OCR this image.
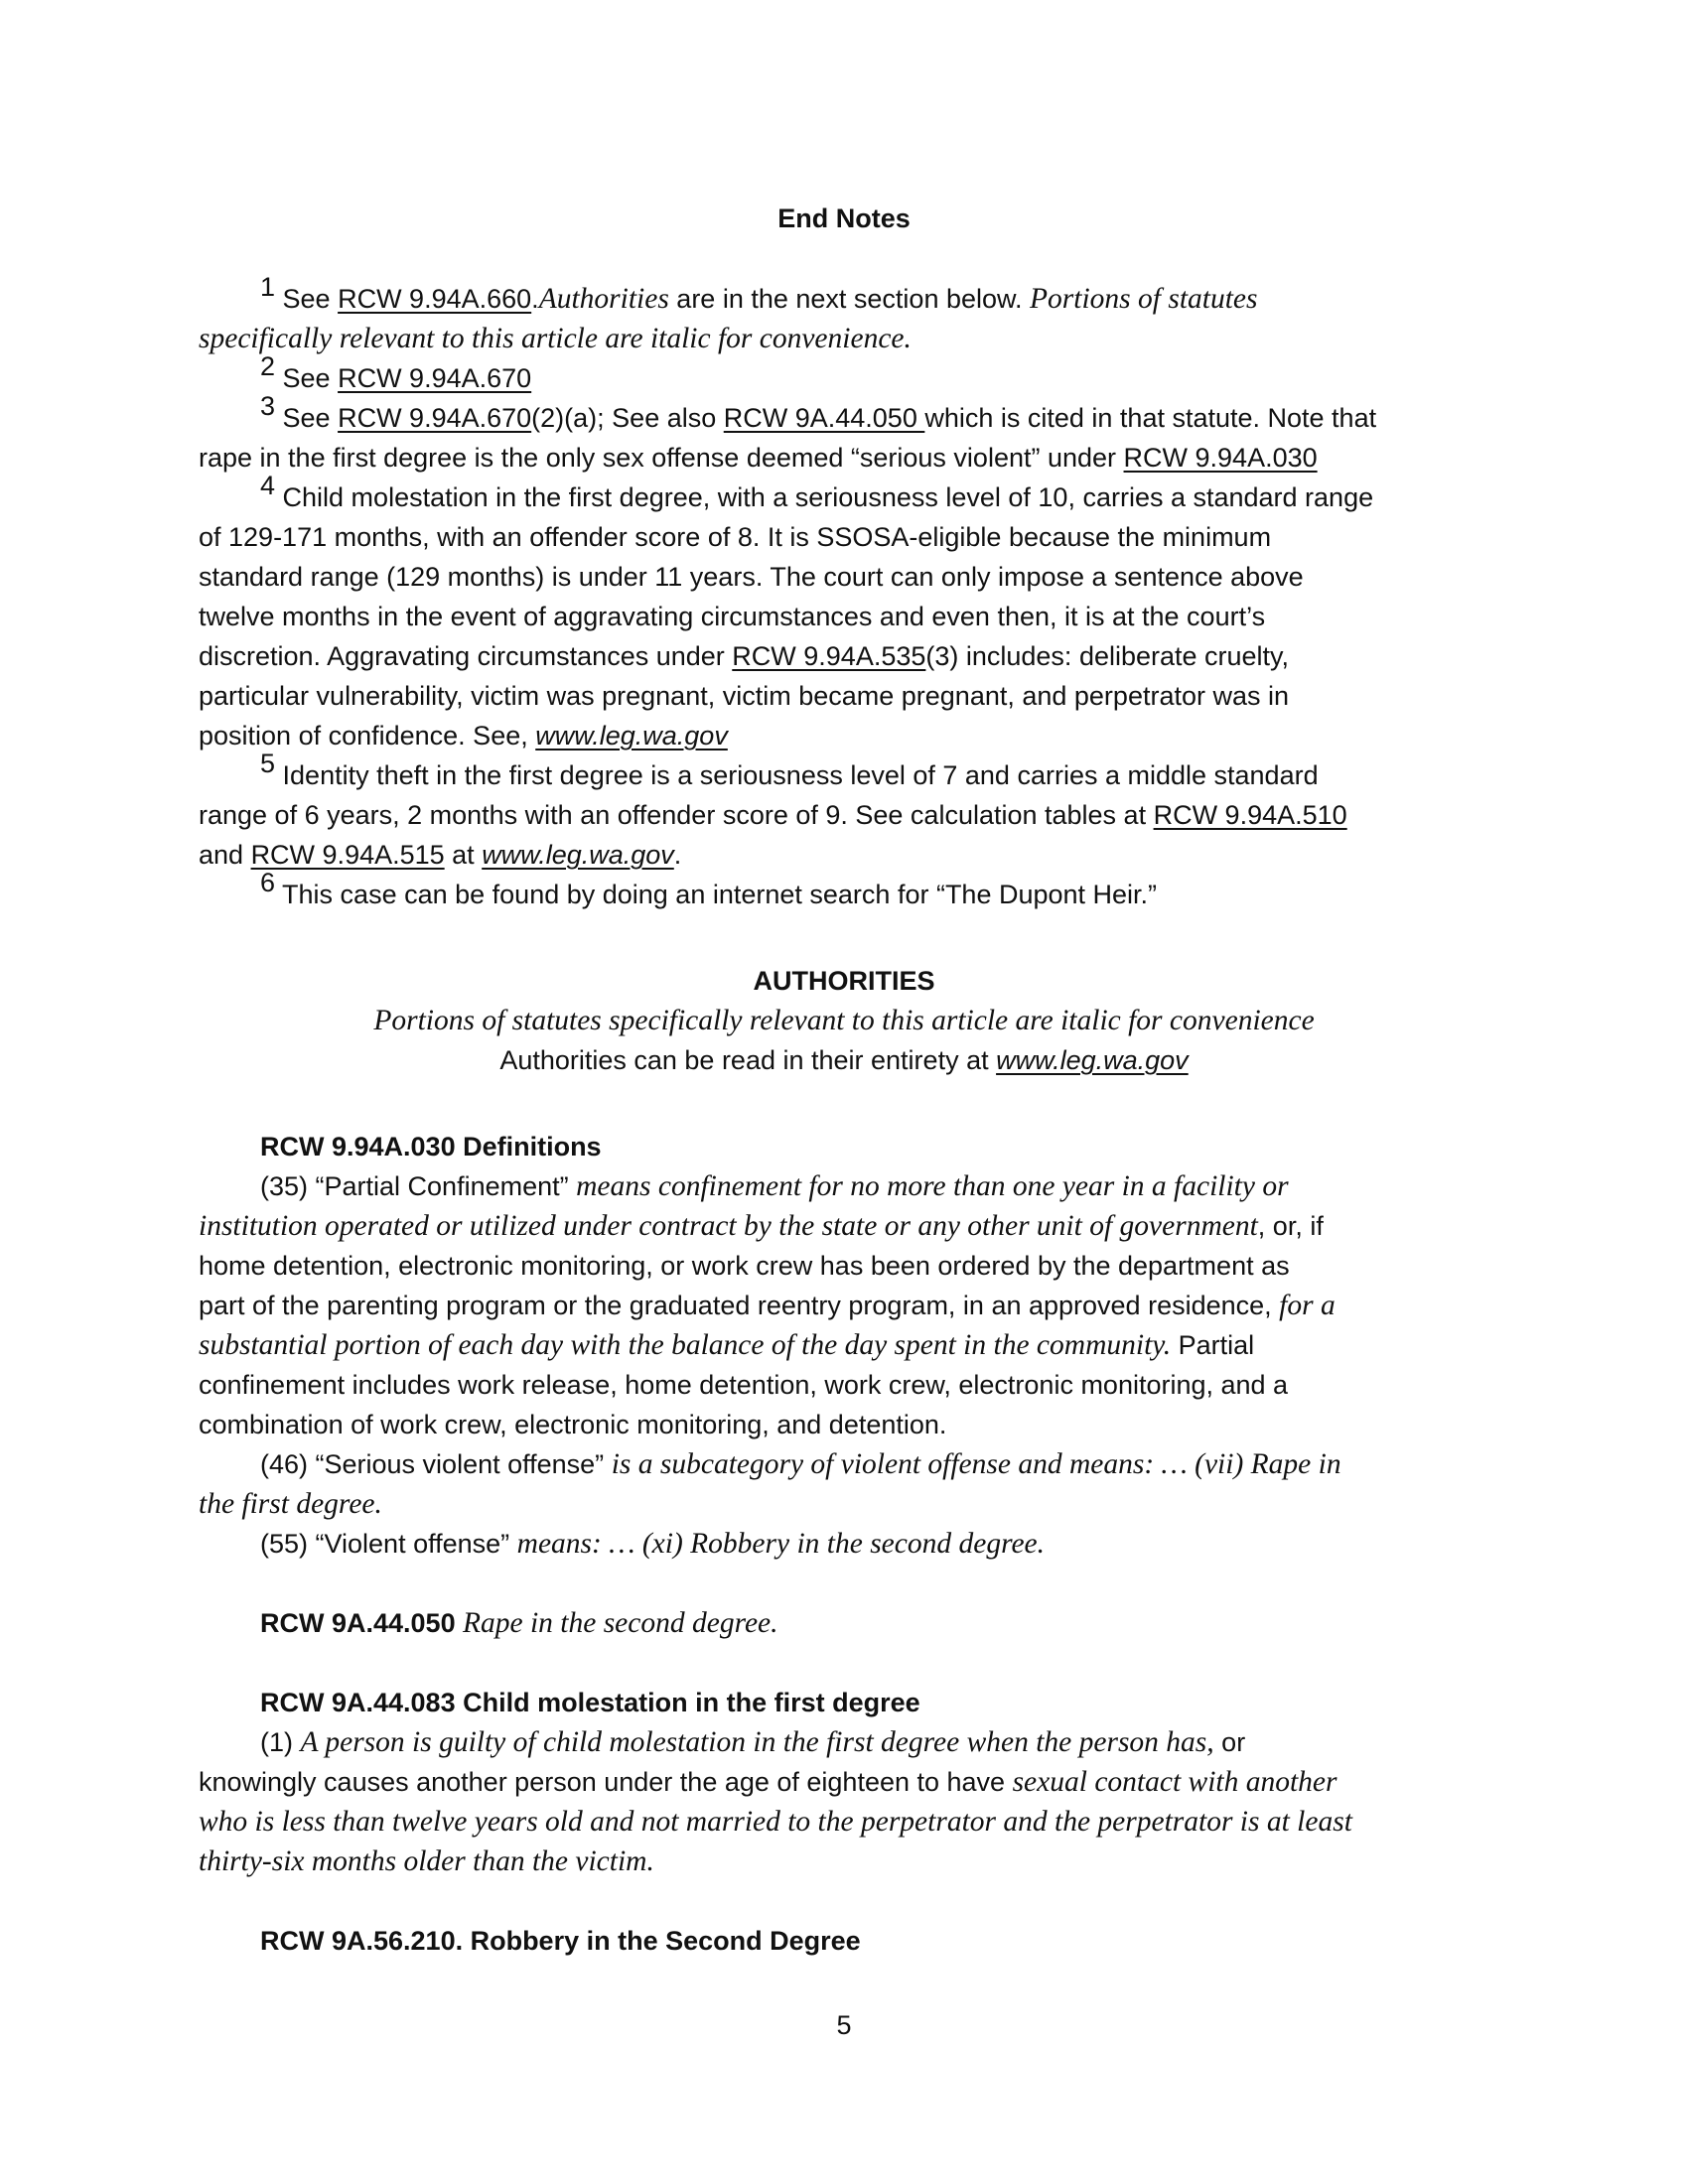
End Notes
$^1$ See RCW 9.94A.660.Authorities are in the next section below. Portions of statutes
specifically relevant to this article are italic for convenience.
$^2$ See RCW 9.94A.670
$^3$ See RCW 9.94A.670(2)(a); See also RCW 9A.44.050 which is cited in that statute. Note that
rape in the first degree is the only sex offense deemed “serious violent” under RCW 9.94A.030
$^4$ Child molestation in the first degree, with a seriousness level of 10, carries a standard range
of 129-171 months, with an offender score of 8. It is SSOSA-eligible because the minimum
standard range (129 months) is under 11 years. The court can only impose a sentence above
twelve months in the event of aggravating circumstances and even then, it is at the court’s
discretion. Aggravating circumstances under RCW 9.94A.535(3) includes: deliberate cruelty,
particular vulnerability, victim was pregnant, victim became pregnant, and perpetrator was in
position of confidence. See, www.leg.wa.gov
$^5$ Identity theft in the first degree is a seriousness level of 7 and carries a middle standard
range of 6 years, 2 months with an offender score of 9. See calculation tables at RCW 9.94A.510
and RCW 9.94A.515 at www.leg.wa.gov.
$^6$ This case can be found by doing an internet search for “The Dupont Heir.”
AUTHORITIES
Portions of statutes specifically relevant to this article are italic for convenience
Authorities can be read in their entirety at www.leg.wa.gov
RCW 9.94A.030 Definitions
(35) “Partial Confinement” means confinement for no more than one year in a facility or
institution operated or utilized under contract by the state or any other unit of government, or, if
home detention, electronic monitoring, or work crew has been ordered by the department as
part of the parenting program or the graduated reentry program, in an approved residence, for a
substantial portion of each day with the balance of the day spent in the community. Partial
confinement includes work release, home detention, work crew, electronic monitoring, and a
combination of work crew, electronic monitoring, and detention.
(46) “Serious violent offense” is a subcategory of violent offense and means: … (vii) Rape in
the first degree.
(55) “Violent offense” means: … (xi) Robbery in the second degree.
RCW 9A.44.050 Rape in the second degree.
RCW 9A.44.083 Child molestation in the first degree
(1) A person is guilty of child molestation in the first degree when the person has, or
knowingly causes another person under the age of eighteen to have sexual contact with another
who is less than twelve years old and not married to the perpetrator and the perpetrator is at least
thirty-six months older than the victim.
RCW 9A.56.210. Robbery in the Second Degree
5
